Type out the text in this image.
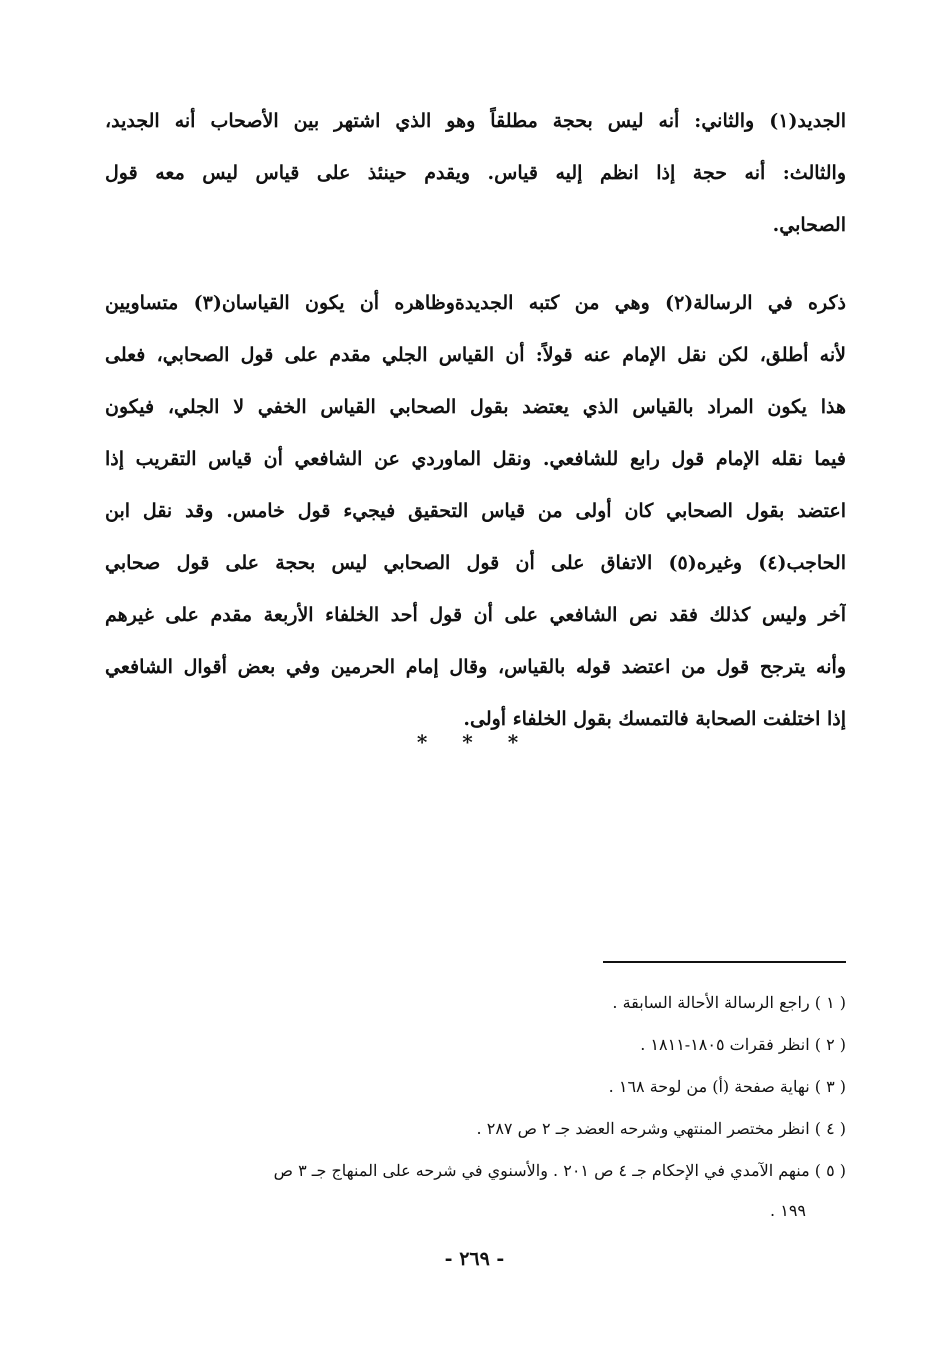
الجديد(١) والثاني: أنه ليس بحجة مطلقاً وهو الذي اشتهر بين الأصحاب أنه الجديد،
والثالث: أنه حجة إذا انظم إليه قياس. ويقدم حينئذ على قياس ليس معه قول
الصحابي.
ذكره في الرسالة(٢) وهي من كتبه الجديدةوظاهره أن يكون القياسان(٣) متساويين
لأنه أطلق، لكن نقل الإمام عنه قولاً: أن القياس الجلي مقدم على قول الصحابي، فعلى
هذا يكون المراد بالقياس الذي يعتضد بقول الصحابي القياس الخفي لا الجلي، فيكون
فيما نقله الإمام قول رابع للشافعي. ونقل الماوردي عن الشافعي أن قياس التقريب إذا
اعتضد بقول الصحابي كان أولى من قياس التحقيق فيجيء قول خامس. وقد نقل ابن
الحاجب(٤) وغيره(٥) الاتفاق على أن قول الصحابي ليس بحجة على قول صحابي
آخر وليس كذلك فقد نص الشافعي على أن قول أحد الخلفاء الأربعة مقدم على غيرهم
وأنه يترجح قول من اعتضد قوله بالقياس، وقال إمام الحرمين وفي بعض أقوال الشافعي
إذا اختلفت الصحابة فالتمسك بقول الخلفاء أولى.
* * *
( ١ ) راجع الرسالة الأحالة السابقة .
( ٢ ) انظر فقرات ١٨٠٥-١٨١١ .
( ٣ ) نهاية صفحة (أ) من لوحة ١٦٨ .
( ٤ ) انظر مختصر المنتهي وشرحه العضد جـ ٢ ص ٢٨٧ .
( ٥ ) منهم الآمدي في الإحكام جـ ٤ ص ٢٠١ . والأسنوي في شرحه على المنهاج جـ ٣ ص
١٩٩ .
- ٢٦٩ -
